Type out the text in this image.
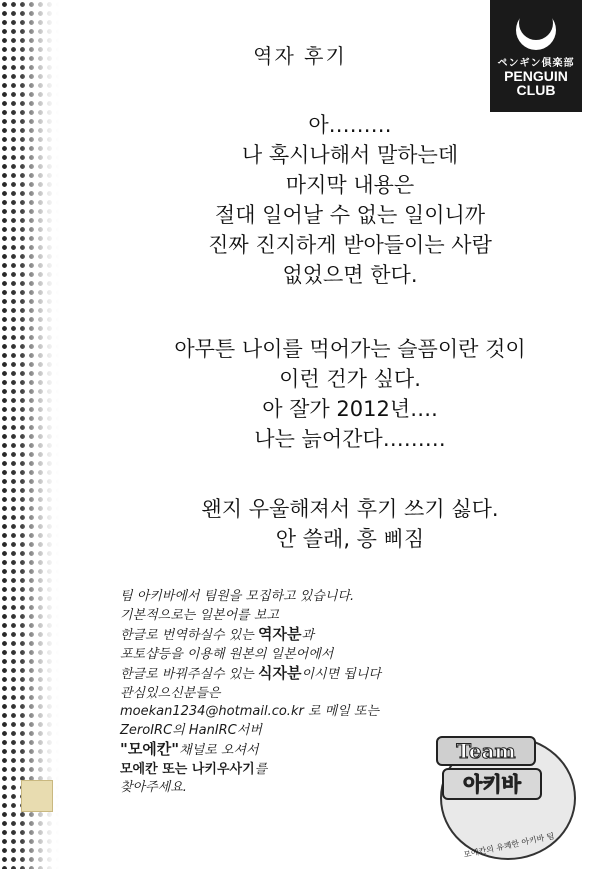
ペンギン倶楽部
PENGUIN
CLUB
역자 후기
아………
나 혹시나해서 말하는데
마지막 내용은
절대 일어날 수 없는 일이니까
진짜 진지하게 받아들이는 사람
없었으면 한다.
아무튼 나이를 먹어가는 슬픔이란 것이
이런 건가 싶다.
아 잘가 2012년….
나는 늙어간다………
왠지 우울해져서 후기 쓰기 싫다.
안 쓸래, 흥 삐짐
팀 아키바에서 팀원을 모집하고 있습니다.
기본적으로는 일본어를 보고
한글로 번역하실수 있는 역자분과
포토샵등을 이용해 원본의 일본어에서
한글로 바꿔주실수 있는 식자분이시면 됩니다
관심있으신분들은
moekan1234@hotmail.co.kr 로 메일 또는
ZeroIRC의 HanIRC서버
"모에칸"채널로 오셔서
모에칸 또는 나키우사기를
찾아주세요.
Team
아키바
모에칸의 유쾌한 아키바 팀
